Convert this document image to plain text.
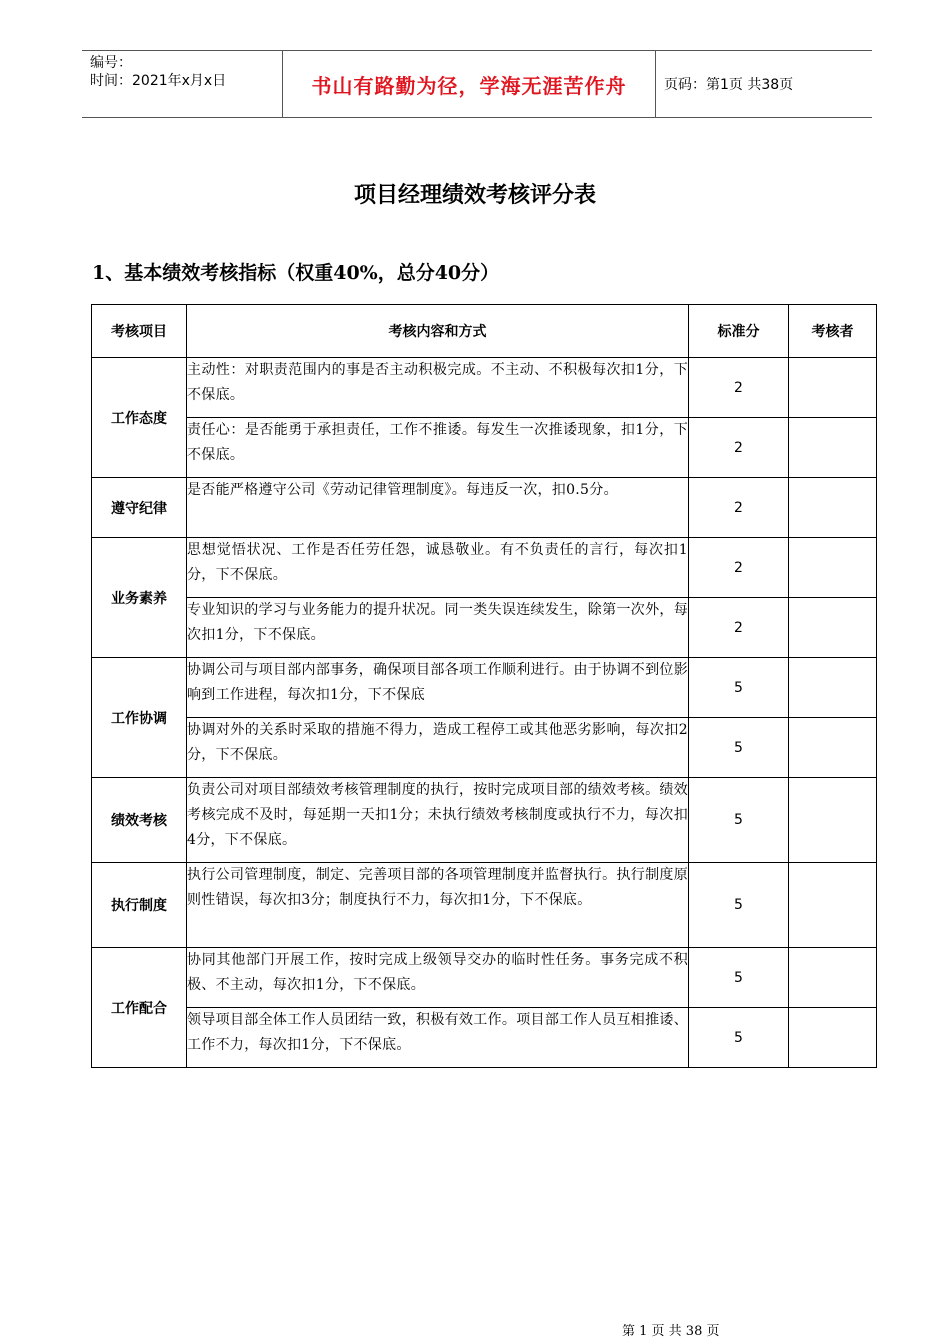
编号：
时间：2021年x月x日	书山有路勤为径，学海无涯苦作舟	页码：第1页 共38页
项目经理绩效考核评分表
1、基本绩效考核指标（权重40%，总分40分）
考核项目	考核内容和方式	标准分	考核者
工作态度	主动性：对职责范围内的事是否主动积极完成。不主动、不积极每次扣1分，下不保底。	2	
	责任心：是否能勇于承担责任，工作不推诿。每发生一次推诿现象，扣1分，下不保底。	2	
遵守纪律	是否能严格遵守公司《劳动记律管理制度》。每违反一次，扣0.5分。	2	
业务素养	思想觉悟状况、工作是否任劳任怨，诚恳敬业。有不负责任的言行，每次扣1分，下不保底。	2	
	专业知识的学习与业务能力的提升状况。同一类失误连续发生，除第一次外，每次扣1分，下不保底。	2	
工作协调	协调公司与项目部内部事务，确保项目部各项工作顺利进行。由于协调不到位影响到工作进程，每次扣1分，下不保底	5	
	协调对外的关系时采取的措施不得力，造成工程停工或其他恶劣影响，每次扣2分，下不保底。	5	
绩效考核	负责公司对项目部绩效考核管理制度的执行，按时完成项目部的绩效考核。绩效考核完成不及时，每延期一天扣1分；未执行绩效考核制度或执行不力，每次扣4分，下不保底。	5	
执行制度	执行公司管理制度，制定、完善项目部的各项管理制度并监督执行。执行制度原则性错误，每次扣3分；制度执行不力，每次扣1分，下不保底。	5	
工作配合	协同其他部门开展工作，按时完成上级领导交办的临时性任务。事务完成不积极、不主动，每次扣1分，下不保底。	5	
	领导项目部全体工作人员团结一致，积极有效工作。项目部工作人员互相推诿、工作不力，每次扣1分，下不保底。	5	
第 1 页 共 38 页
